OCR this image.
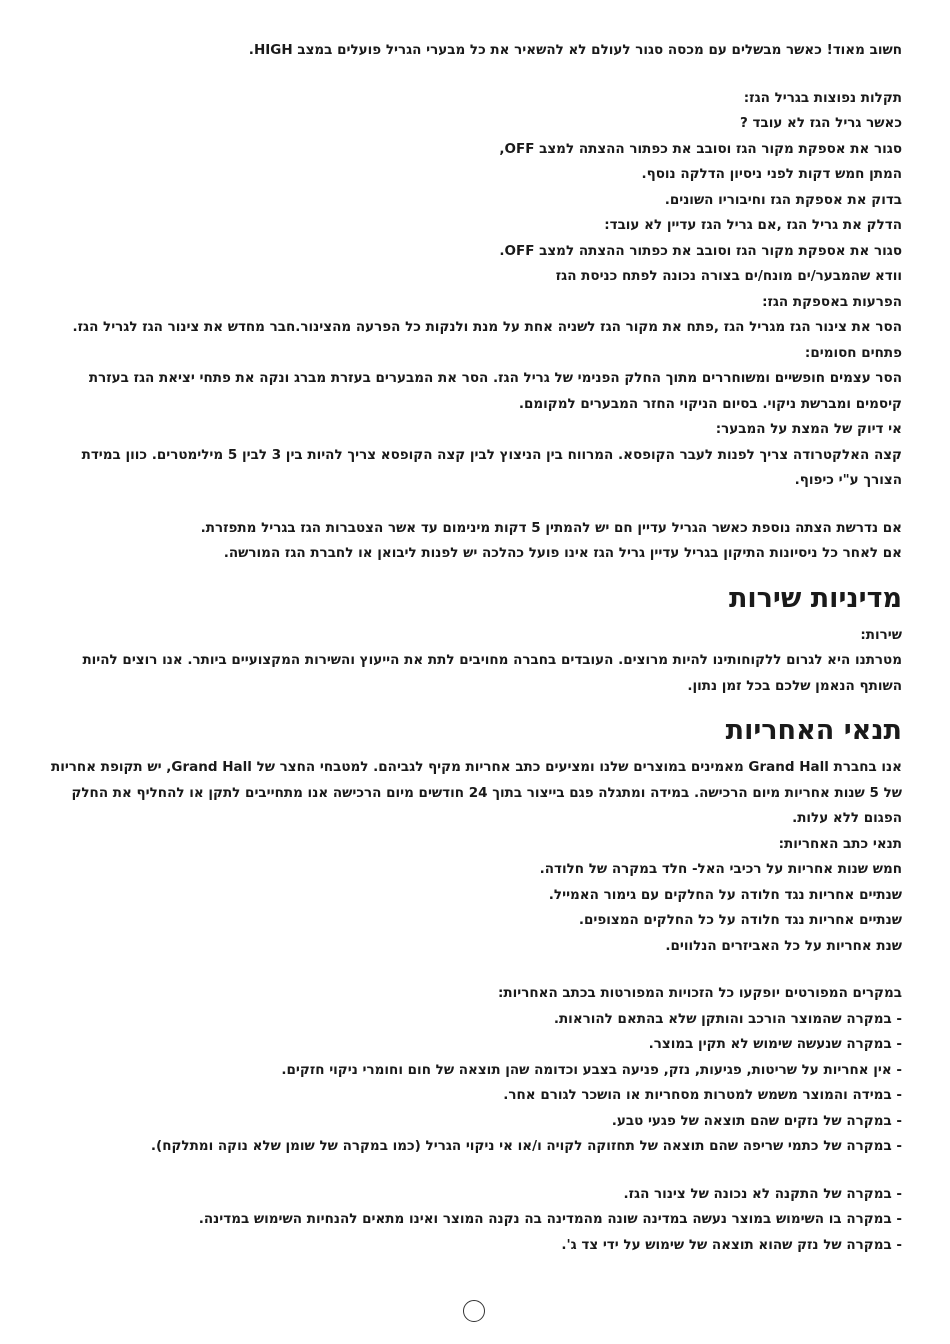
חשוב מאוד! כאשר מבשלים עם מכסה סגור לעולם לא להשאיר את כל מבערי הגריל פועלים במצב HIGH.

תקלות נפוצות בגריל הגז:

כאשר גריל הגז לא עובד ?

סגור את אספקת מקור הגז וסובב את כפתור ההצתה למצב OFF,

המתן חמש דקות לפני ניסיון הדלקה נוסף.

בדוק את אספקת הגז וחיבוריו השונים.

הדלק את גריל הגז ,אם גריל הגז עדיין לא עובד:

סגור את אספקת מקור הגז וסובב את כפתור ההצתה למצב OFF.

וודא שהמבער/ים מונח/ים בצורה נכונה לפתח כניסת הגז

הפרעות באספקת הגז:

הסר את צינור הגז מגריל הגז ,פתח את מקור הגז לשניה אחת על מנת ולנקות כל הפרעה מהצינור.חבר מחדש את צינור הגז לגריל הגז.

פתחים חסומים:

הסר עצמים חופשיים ומשוחררים מתוך החלק הפנימי של גריל הגז. הסר את המבערים בעזרת מברג ונקה את פתחי יציאת הגז בעזרת קיסמים ומברשת ניקוי. בסיום הניקוי החזר המבערים למקומם.

אי דיוק של המצת על המבער:

קצה האלקטרודה צריך לפנות לעבר הקופסא. המרווח בין הניצוץ לבין קצה הקופסא צריך להיות בין 3 לבין 5 מילימטרים. כוון במידת הצורך ע"י כיפוף.

אם נדרשת הצתה נוספת כאשר הגריל עדיין חם יש להמתין 5 דקות מינימום עד אשר הצטברות הגז בגריל מתפזרת.

אם לאחר כל ניסיונות התיקון בגריל עדיין גריל הגז אינו פועל כהלכה יש לפנות ליבואן או לחברת הגז המורשה.

מדיניות שירות

שירות:

מטרתנו היא לגרום ללקוחותינו להיות מרוצים. העובדים בחברה מחויבים לתת את הייעוץ והשירות המקצועיים ביותר. אנו רוצים להיות השותף הנאמן שלכם בכל זמן נתון.

תנאי האחריות

אנו בחברת Grand Hall מאמינים במוצרים שלנו ומציעים כתב אחריות מקיף לגביהם. למטבחי החצר של Grand Hall, יש תקופת אחריות של 5 שנות אחריות מיום הרכישה. במידה ומתגלה פגם בייצור בתוך 24 חודשים מיום הרכישה אנו מתחייבים לתקן או להחליף את החלק הפגום ללא עלות.

תנאי כתב האחריות:

חמש שנות אחריות על רכיבי האל- חלד במקרה של חלודה.

שנתיים אחריות נגד חלודה על החלקים עם גימור האמייל.

שנתיים אחריות נגד חלודה על כל החלקים המצופים.

שנת אחריות על כל האביזרים הנלווים.

במקרים המפורטים יופקעו כל הזכויות המפורטות בכתב האחריות:

- במקרה שהמוצר הורכב והותקן שלא בהתאם להוראות.

- במקרה שנעשה שימוש לא תקין במוצר.

- אין אחריות על שריטות, פגיעות, נזק, פניעה בצבע וכדומה שהן תוצאה של חום וחומרי ניקוי חזקים.

- במידה והמוצר משמש למטרות מסחריות או הושכר לגורם אחר.

- במקרה של נזקים שהם תוצאה של פגעי טבע.

- במקרה של כתמי שריפה שהם תוצאה של תחזוקה לקויה ו/או אי ניקוי הגריל (כמו במקרה של שומן שלא נוקה ומתלקח).

- במקרה של התקנה לא נכונה של צינור הגז.

- במקרה בו השימוש במוצר נעשה במדינה שונה מהמדינה בה נקנה המוצר ואינו מתאים להנחיות השימוש במדינה.

- במקרה של נזק שהוא תוצאה של שימוש על ידי צד ג'.
